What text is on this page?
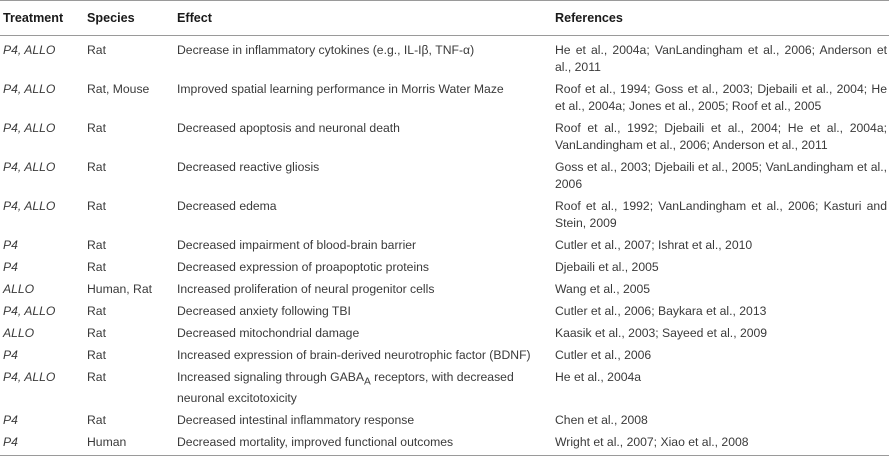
Treatment	Species	Effect	References
P4, ALLO	Rat	Decrease in inflammatory cytokines (e.g., IL-Iβ, TNF-α)	He et al., 2004a; VanLandingham et al., 2006; Anderson et al., 2011
P4, ALLO	Rat, Mouse	Improved spatial learning performance in Morris Water Maze	Roof et al., 1994; Goss et al., 2003; Djebaili et al., 2004; He et al., 2004a; Jones et al., 2005; Roof et al., 2005
P4, ALLO	Rat	Decreased apoptosis and neuronal death	Roof et al., 1992; Djebaili et al., 2004; He et al., 2004a; VanLandingham et al., 2006; Anderson et al., 2011
P4, ALLO	Rat	Decreased reactive gliosis	Goss et al., 2003; Djebaili et al., 2005; VanLandingham et al., 2006
P4, ALLO	Rat	Decreased edema	Roof et al., 1992; VanLandingham et al., 2006; Kasturi and Stein, 2009
P4	Rat	Decreased impairment of blood-brain barrier	Cutler et al., 2007; Ishrat et al., 2010
P4	Rat	Decreased expression of proapoptotic proteins	Djebaili et al., 2005
ALLO	Human, Rat	Increased proliferation of neural progenitor cells	Wang et al., 2005
P4, ALLO	Rat	Decreased anxiety following TBI	Cutler et al., 2006; Baykara et al., 2013
ALLO	Rat	Decreased mitochondrial damage	Kaasik et al., 2003; Sayeed et al., 2009
P4	Rat	Increased expression of brain-derived neurotrophic factor (BDNF)	Cutler et al., 2006
P4, ALLO	Rat	Increased signaling through $GABA_A$ receptors, with decreased neuronal excitotoxicity	He et al., 2004a
P4	Rat	Decreased intestinal inflammatory response	Chen et al., 2008
P4	Human	Decreased mortality, improved functional outcomes	Wright et al., 2007; Xiao et al., 2008
